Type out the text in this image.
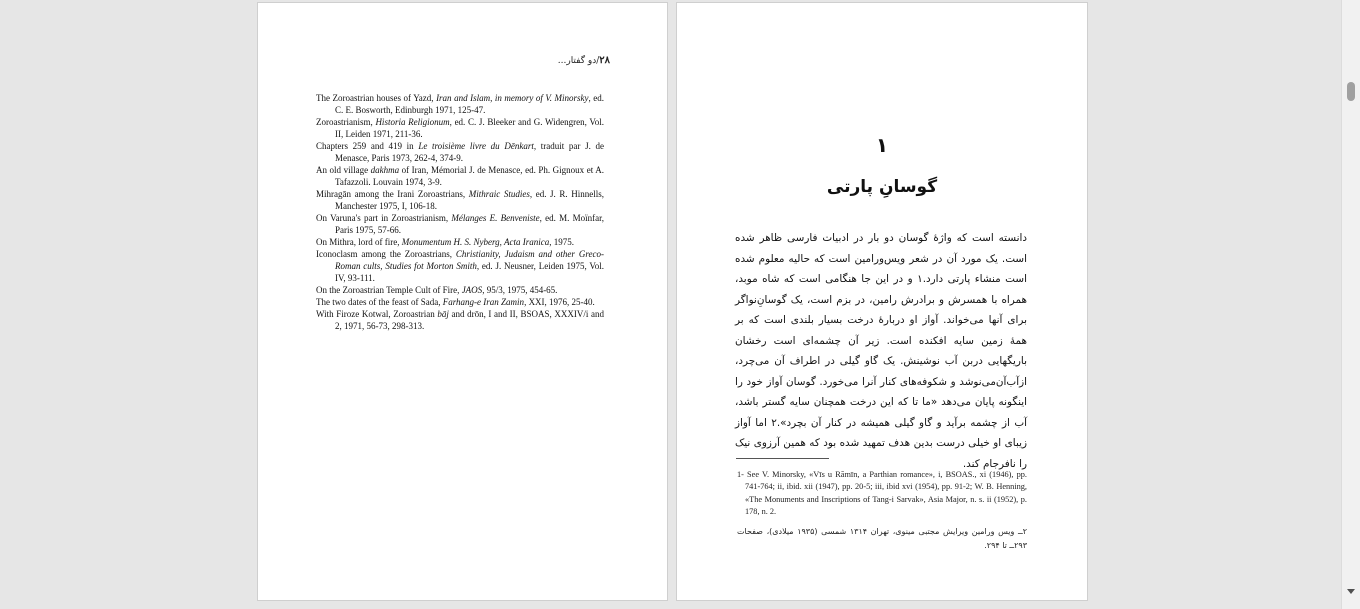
۲۸/دو گفتار...
The Zoroastrian houses of Yazd, Iran and Islam, in memory of V. Minorsky, ed. C. E. Bosworth, Edinburgh 1971, 125-47.
Zoroastrianism, Historia Religionum, ed. C. J. Bleeker and G. Widengren, Vol. II, Leiden 1971, 211-36.
Chapters 259 and 419 in Le troisième livre du Dēnkart, traduit par J. de Menasce, Paris 1973, 262-4, 374-9.
An old village dakhma of Iran, Mémorial J. de Menasce, ed. Ph. Gignoux et A. Tafazzoli. Louvain 1974, 3-9.
Mihragān among the Irani Zoroastrians, Mithraic Studies, ed. J. R. Hinnells, Manchester 1975, I, 106-18.
On Varuna's part in Zoroastrianism, Mélanges E. Benveniste, ed. M. Moïnfar, Paris 1975, 57-66.
On Mithra, lord of fire, Monumentum H. S. Nyberg, Acta Iranica, 1975.
Iconoclasm among the Zoroastrians, Christianity, Judaism and other Greco-Roman cults, Studies fot Morton Smith, ed. J. Neusner, Leiden 1975, Vol. IV, 93-111.
On the Zoroastrian Temple Cult of Fire, JAOS, 95/3, 1975, 454-65.
The two dates of the feast of Sada, Farhang-e Iran Zamin, XXI, 1976, 25-40.
With Firoze Kotwal, Zoroastrian bāj and drōn, I and II, BSOAS, XXXIV/i and 2, 1971, 56-73, 298-313.
۱
گوسانِ پارتی
دانسته است که واژهٔ گوسان دو بار در ادبیات فارسی ظاهر شده است. یک مورد آن در شعر ویس‌ورامین است که حالیه معلوم شده است منشاء پارتی دارد.۱ و در این جا هنگامی است که شاه موبد، همراه با همسرش و برادرش رامین، در بزم است، یک گوسانِ‌نواگر برای آنها می‌خواند. آواز او دربارهٔ درخت بسیار بلندی است که بر همهٔ زمین سایه افکنده است. زیر آن چشمه‌ای است رخشان باریگهایی دربن آب نوشینش. یک گاو گیلی در اطراف آن می‌چرد، ازآب‌آن‌می‌نوشد و شکوفه‌های کنار آنرا می‌خورد. گوسان آواز خود را اینگونه پایان می‌دهد «ما تا که این درخت همچنان سایه گستر باشد، آب از چشمه برآید و گاو گیلی همیشه در کنار آن بچرد».۲ اما آواز زیبای او خیلی درست بدین هدف تمهید شده بود که همین آرزوی نیک را نافرجام کند.
1- See V. Minorsky, «Vīs u Rāmīn, a Parthian romance», i, BSOAS., xi (1946), pp. 741-764; ii, ibid. xii (1947), pp. 20-5; iii, ibid xvi (1954), pp. 91-2; W. B. Henning, «The Monuments and Inscriptions of Tang-i Sarvak», Asia Major, n. s. ii (1952), p. 178, n. 2.
۲ــ ویس ورامین ویرایش مجتبی مینوی، تهران ۱۳۱۴ شمسی (۱۹۳۵ میلادی)، صفحات ۲۹۳ــ تا ۲۹۴.
